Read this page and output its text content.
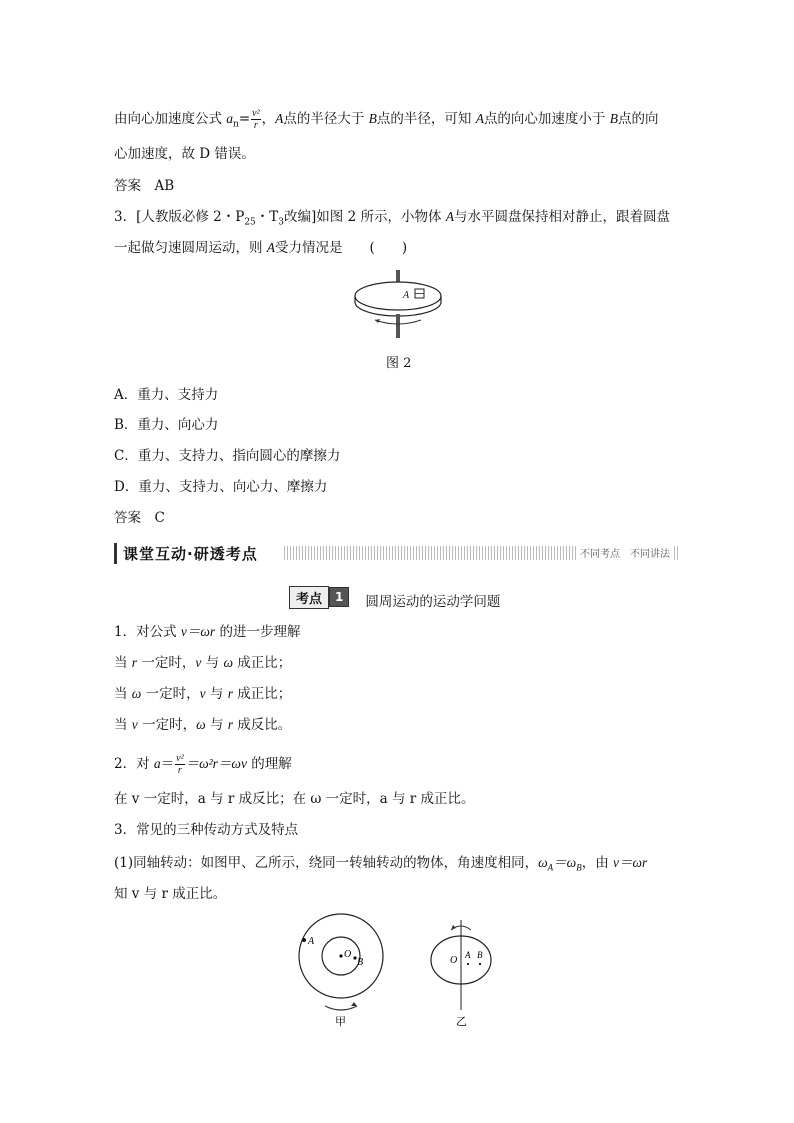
由向心加速度公式 $a_n= \frac{\text{v²}}{r}$ ，A点的半径大于 B点的半径，可知 A点的向心加速度小于 B点的向
心加速度，故 D 错误。
答案　AB
3．[人教版必修 2・$P_{25}$・$T_3$改编]如图 2 所示，小物体 A与水平圆盘保持相对静止，跟着圆盘
一起做匀速圆周运动，则 A受力情况是　　(　　)
A
图 2
A．重力、支持力
B．重力、向心力
C．重力、支持力、指向圆心的摩擦力
D．重力、支持力、向心力、摩擦力
答案　C
课堂互动·研透考点	不同考点　不同讲法
考点	1	圆周运动的运动学问题
1．对公式 v＝ωr 的进一步理解
当 r 一定时，v 与 ω 成正比；
当 ω 一定时，v 与 r 成正比；
当 v 一定时，ω 与 r 成反比。
2．对 $a= \frac{\text{v²}}{r} =\omega^2r=\omega v$ 的理解
在 v 一定时，a 与 r 成反比；在 ω 一定时，a 与 r 成正比。
3．常见的三种传动方式及特点
(1)同轴转动：如图甲、乙所示，绕同一转轴转动的物体，角速度相同，$\omega_A=\omega_B$，由 v＝ωr
知 v 与 r 成正比。
A
O
B
甲
O A B
乙
